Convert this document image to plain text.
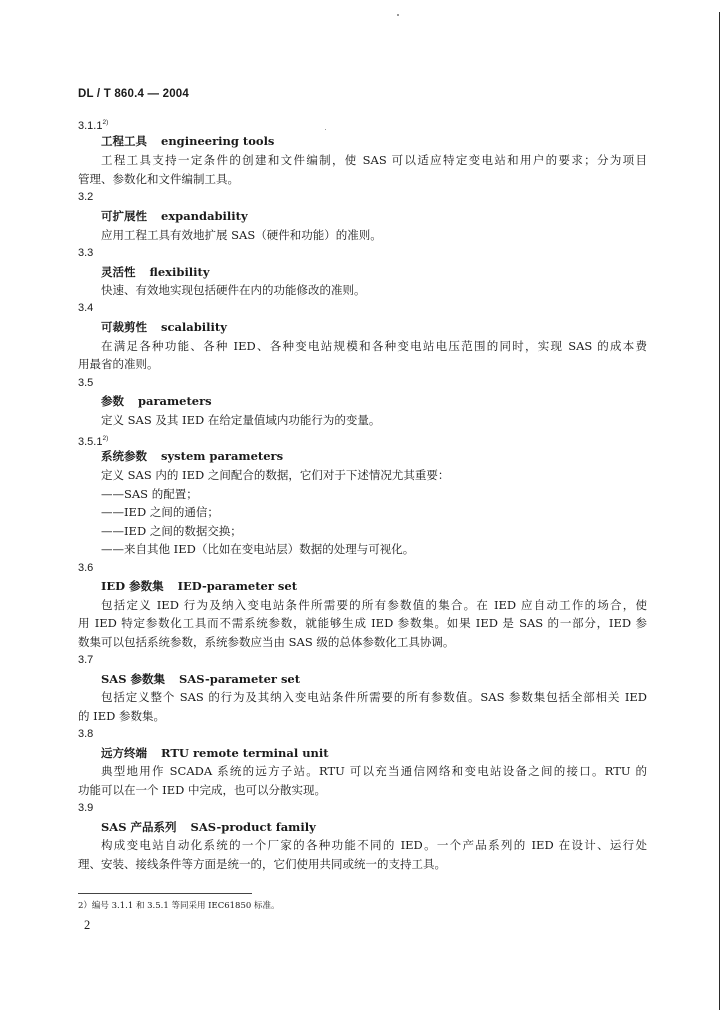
DL / T 860.4 — 2004
3.1.1$^{2)}$
工程工具 engineering tools
工程工具支持一定条件的创建和文件编制，使 SAS 可以适应特定变电站和用户的要求；分为项目
管理、参数化和文件编制工具。
3.2
可扩展性 expandability
应用工程工具有效地扩展 SAS（硬件和功能）的准则。
3.3
灵活性 flexibility
快速、有效地实现包括硬件在内的功能修改的准则。
3.4
可裁剪性 scalability
在满足各种功能、各种 IED、各种变电站规模和各种变电站电压范围的同时，实现 SAS 的成本费
用最省的准则。
3.5
参数 parameters
定义 SAS 及其 IED 在给定量值域内功能行为的变量。
3.5.1$^{2)}$
系统参数 system parameters
定义 SAS 内的 IED 之间配合的数据，它们对于下述情况尤其重要：
——SAS 的配置；
——IED 之间的通信；
——IED 之间的数据交换；
——来自其他 IED（比如在变电站层）数据的处理与可视化。
3.6
IED 参数集 IED-parameter set
包括定义 IED 行为及纳入变电站条件所需要的所有参数值的集合。在 IED 应自动工作的场合，使
用 IED 特定参数化工具而不需系统参数，就能够生成 IED 参数集。如果 IED 是 SAS 的一部分，IED 参
数集可以包括系统参数，系统参数应当由 SAS 级的总体参数化工具协调。
3.7
SAS 参数集 SAS-parameter set
包括定义整个 SAS 的行为及其纳入变电站条件所需要的所有参数值。SAS 参数集包括全部相关 IED
的 IED 参数集。
3.8
远方终端 RTU remote terminal unit
典型地用作 SCADA 系统的远方子站。RTU 可以充当通信网络和变电站设备之间的接口。RTU 的
功能可以在一个 IED 中完成，也可以分散实现。
3.9
SAS 产品系列 SAS-product family
构成变电站自动化系统的一个厂家的各种功能不同的 IED。一个产品系列的 IED 在设计、运行处
理、安装、接线条件等方面是统一的，它们使用共同或统一的支持工具。
2）编号 3.1.1 和 3.5.1 等同采用 IEC61850 标准。
2
